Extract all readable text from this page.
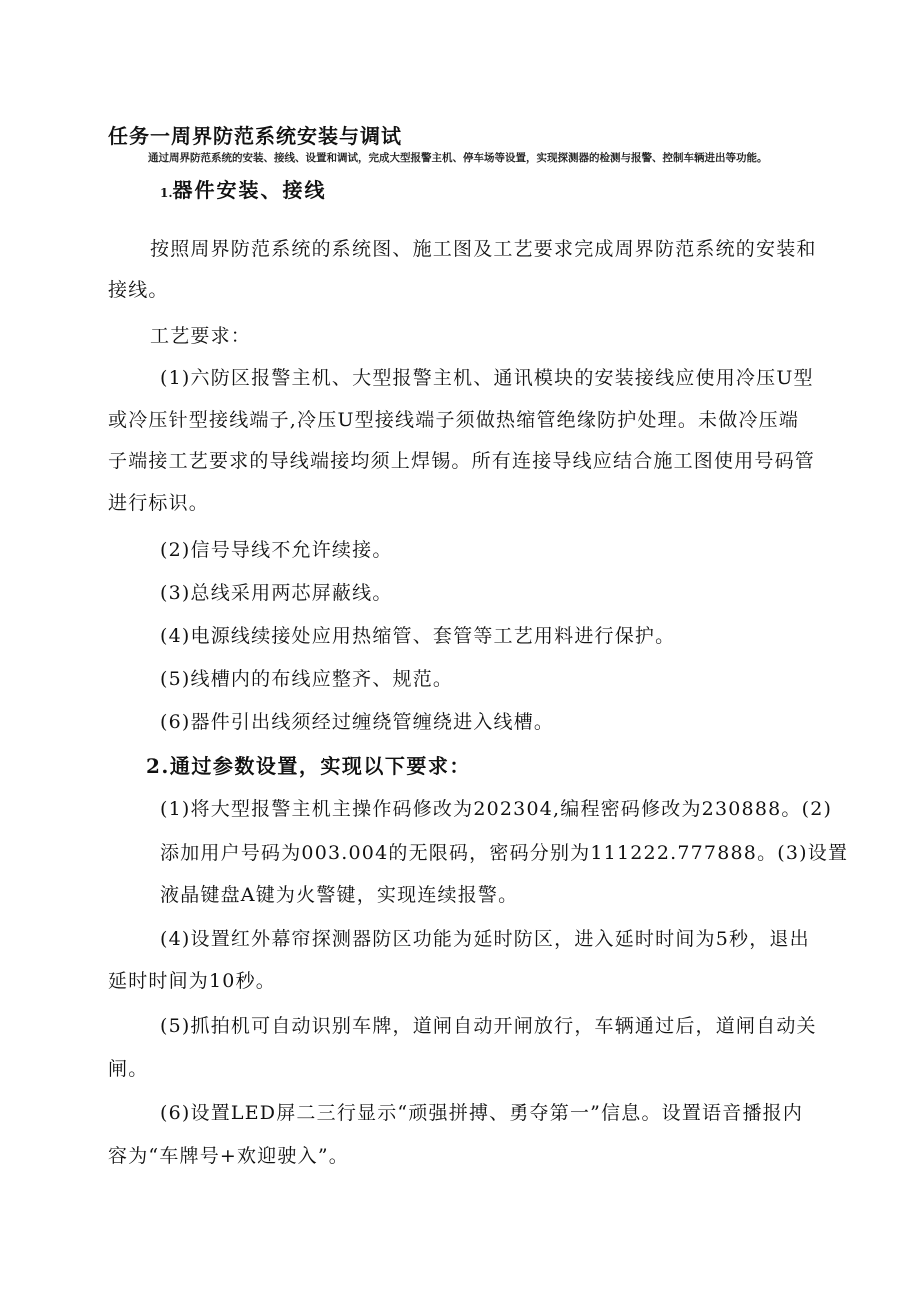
任务一周界防范系统安装与调试
通过周界防范系统的安装、接线、设置和调试，完成大型报警主机、停车场等设置，实现探测器的检测与报警、控制车辆进出等功能。
1.器件安装、接线

按照周界防范系统的系统图、施工图及工艺要求完成周界防范系统的安装和

接线。

工艺要求：

(1)六防区报警主机、大型报警主机、通讯模块的安装接线应使用冷压U型

或冷压针型接线端子,冷压U型接线端子须做热缩管绝缘防护处理。未做冷压端

子端接工艺要求的导线端接均须上焊锡。所有连接导线应结合施工图使用号码管

进行标识。

(2)信号导线不允许续接。

(3)总线采用两芯屏蔽线。

(4)电源线续接处应用热缩管、套管等工艺用料进行保护。

(5)线槽内的布线应整齐、规范。

(6)器件引出线须经过缠绕管缠绕进入线槽。

2.通过参数设置，实现以下要求：

(1)将大型报警主机主操作码修改为202304,编程密码修改为230888。(2)

添加用户号码为003.004的无限码，密码分别为111222.777888。(3)设置

液晶键盘A键为火警键，实现连续报警。

(4)设置红外幕帘探测器防区功能为延时防区，进入延时时间为5秒，退出

延时时间为10秒。

(5)抓拍机可自动识别车牌，道闸自动开闸放行，车辆通过后，道闸自动关

闸。

(6)设置LED屏二三行显示“顽强拼搏、勇夺第一”信息。设置语音播报内

容为“车牌号+欢迎驶入”。
